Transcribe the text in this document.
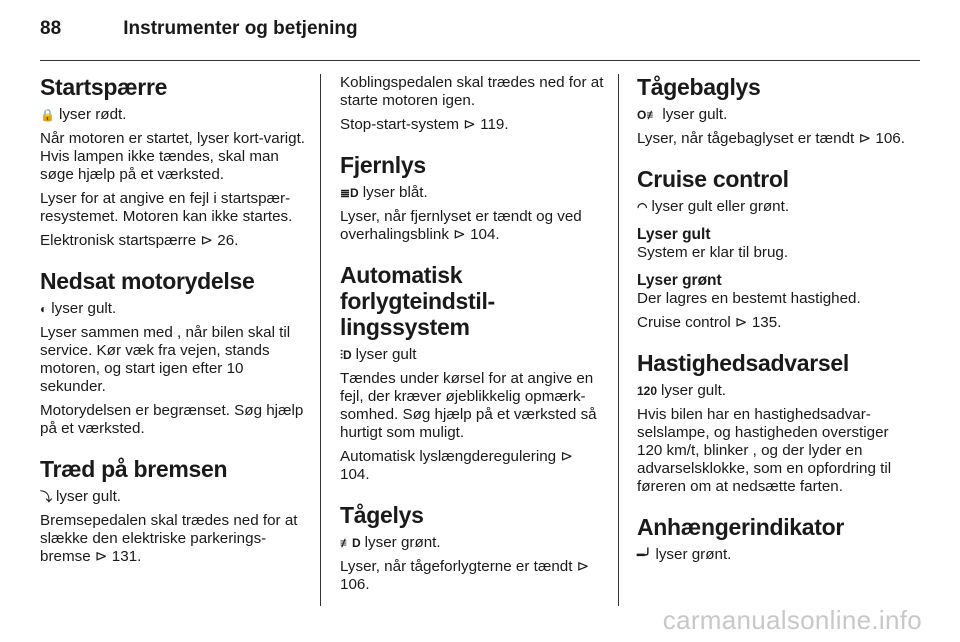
88	Instrumenter og betjening
Startspærre

🔒 lyser rødt.

Når motoren er startet, lyser kort-varigt. Hvis lampen ikke tændes, skal man søge hjælp på et værksted.

Lyser for at angive en fejl i startspær-resystemet. Motoren kan ikke startes.

Elektronisk startspærre ⊳ 26.

Nedsat motorydelse

◐ lyser gult.

Lyser sammen med , når bilen skal til service. Kør væk fra vejen, stands motoren, og start igen efter 10 sekunder.

Motorydelsen er begrænset. Søg hjælp på et værksted.

Træd på bremsen

⤵ lyser gult.

Bremsepedalen skal trædes ned for at slække den elektriske parkerings-bremse ⊳ 131.

Koblingspedalen skal trædes ned for at starte motoren igen.

Stop-start-system ⊳ 119.

Fjernlys

≣D lyser blåt.

Lyser, når fjernlyset er tændt og ved overhalingsblink ⊳ 104.

Automatisk forlygteindstil-lingssystem

⫶D lyser gult

Tændes under kørsel for at angive en fejl, der kræver øjeblikkelig opmærk-somhed. Søg hjælp på et værksted så hurtigt som muligt.

Automatisk lyslængderegulering ⊳ 104.

Tågelys

≢D lyser grønt.

Lyser, når tågeforlygterne er tændt ⊳ 106.

Tågebaglys

O≢ lyser gult.

Lyser, når tågebaglyset er tændt ⊳ 106.

Cruise control

◠ lyser gult eller grønt.

Lyser gult

System er klar til brug.

Lyser grønt

Der lagres en bestemt hastighed.

Cruise control ⊳ 135.

Hastighedsadvarsel

120 lyser gult.

Hvis bilen har en hastighedsadvar-selslampe, og hastigheden overstiger 120 km/t, blinker , og der lyder en advarselsklokke, som en opfordring til føreren om at nedsætte farten.

Anhængerindikator

━╯ lyser grønt.

carmanualsonline.info
